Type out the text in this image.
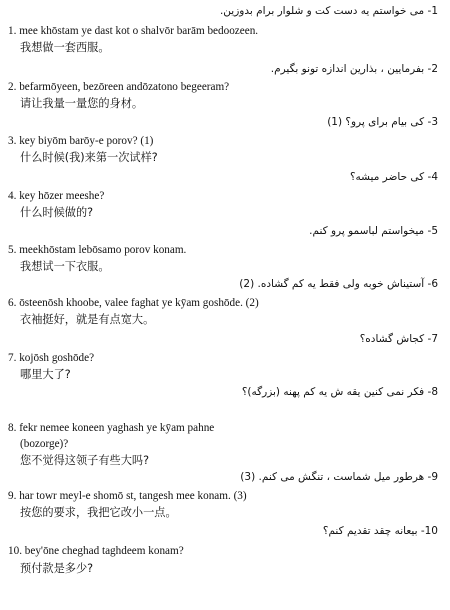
1- می خواستم یه دست کت و شلوار برام بدوزین.
1. mee khōstam ye dast kot o shalvōr barām bedoozeen.
我想做一套西服。
2- بفرمایین ، بذارین اندازه تونو بگیرم.
2. befarmōyeen, bezōreen andōzatono begeeram?
请让我量一量您的身材。
3- کی بیام برای پرو؟ (1)
3. key biyōm barōy-e porov? (1)
什么时候(我)来第一次试样?
4- کی حاضر میشه؟
4. key hōzer meeshe?
什么时候做的?
5- میخواستم لباسمو پرو کنم.
5. meekhōstam lebōsamo porov konam.
我想试一下衣服。
6- آستیناش خوبه ولی فقط یه کم گشاده. (2)
6. ōsteenōsh khoobe, valee faghat ye kȳam goshōde. (2)
衣袖挺好，就是有点宽大。
7- کجاش گشاده؟
7. kojōsh goshōde?
哪里大了?
8- فکر نمی کنین یقه ش یه کم پهنه (بزرگه)؟
8. fekr nemee koneen yaghash ye kȳam pahne
(bozorge)?
您不觉得这领子有些大吗?
9- هرطور میل شماست ، تنگش می کنم. (3)
9. har towr meyl-e shomō st, tangesh mee konam. (3)
按您的要求，我把它改小一点。
10- بیعانه چقد تقدیم کنم؟
10. bey'ōne cheghad taghdeem konam?
预付款是多少?
